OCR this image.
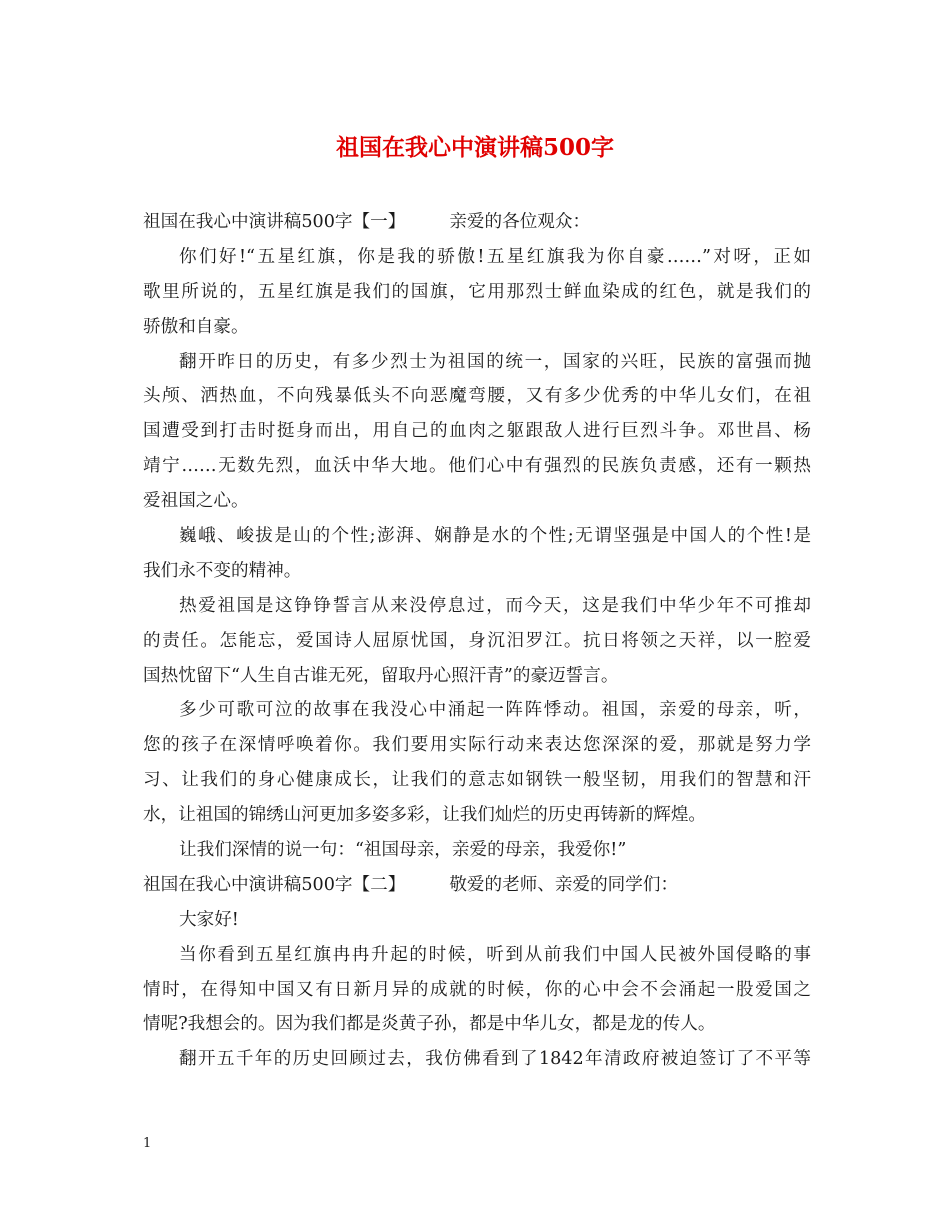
祖国在我心中演讲稿500字
祖国在我心中演讲稿500字【一】	亲爱的各位观众：
你们好!“五星红旗，你是我的骄傲!五星红旗我为你自豪……”对呀，正如
歌里所说的，五星红旗是我们的国旗，它用那烈士鲜血染成的红色，就是我们的
骄傲和自豪。
翻开昨日的历史，有多少烈士为祖国的统一，国家的兴旺，民族的富强而抛
头颅、洒热血，不向残暴低头不向恶魔弯腰，又有多少优秀的中华儿女们，在祖
国遭受到打击时挺身而出，用自己的血肉之躯跟敌人进行巨烈斗争。邓世昌、杨
靖宁……无数先烈，血沃中华大地。他们心中有强烈的民族负责感，还有一颗热
爱祖国之心。
巍峨、峻拔是山的个性;澎湃、娴静是水的个性;无谓坚强是中国人的个性!是
我们永不变的精神。
热爱祖国是这铮铮誓言从来没停息过，而今天，这是我们中华少年不可推却
的责任。怎能忘，爱国诗人屈原忧国，身沉汨罗江。抗日将领之天祥，以一腔爱
国热忱留下“人生自古谁无死，留取丹心照汗青”的豪迈誓言。
多少可歌可泣的故事在我没心中涌起一阵阵悸动。祖国，亲爱的母亲，听，
您的孩子在深情呼唤着你。我们要用实际行动来表达您深深的爱，那就是努力学
习、让我们的身心健康成长，让我们的意志如钢铁一般坚韧，用我们的智慧和汗
水，让祖国的锦绣山河更加多姿多彩，让我们灿烂的历史再铸新的辉煌。
让我们深情的说一句：“祖国母亲，亲爱的母亲，我爱你!”
祖国在我心中演讲稿500字【二】	敬爱的老师、亲爱的同学们：
大家好!
当你看到五星红旗冉冉升起的时候，听到从前我们中国人民被外国侵略的事
情时，在得知中国又有日新月异的成就的时候，你的心中会不会涌起一股爱国之
情呢?我想会的。因为我们都是炎黄子孙，都是中华儿女，都是龙的传人。
翻开五千年的历史回顾过去，我仿佛看到了1842年清政府被迫签订了不平等
1
